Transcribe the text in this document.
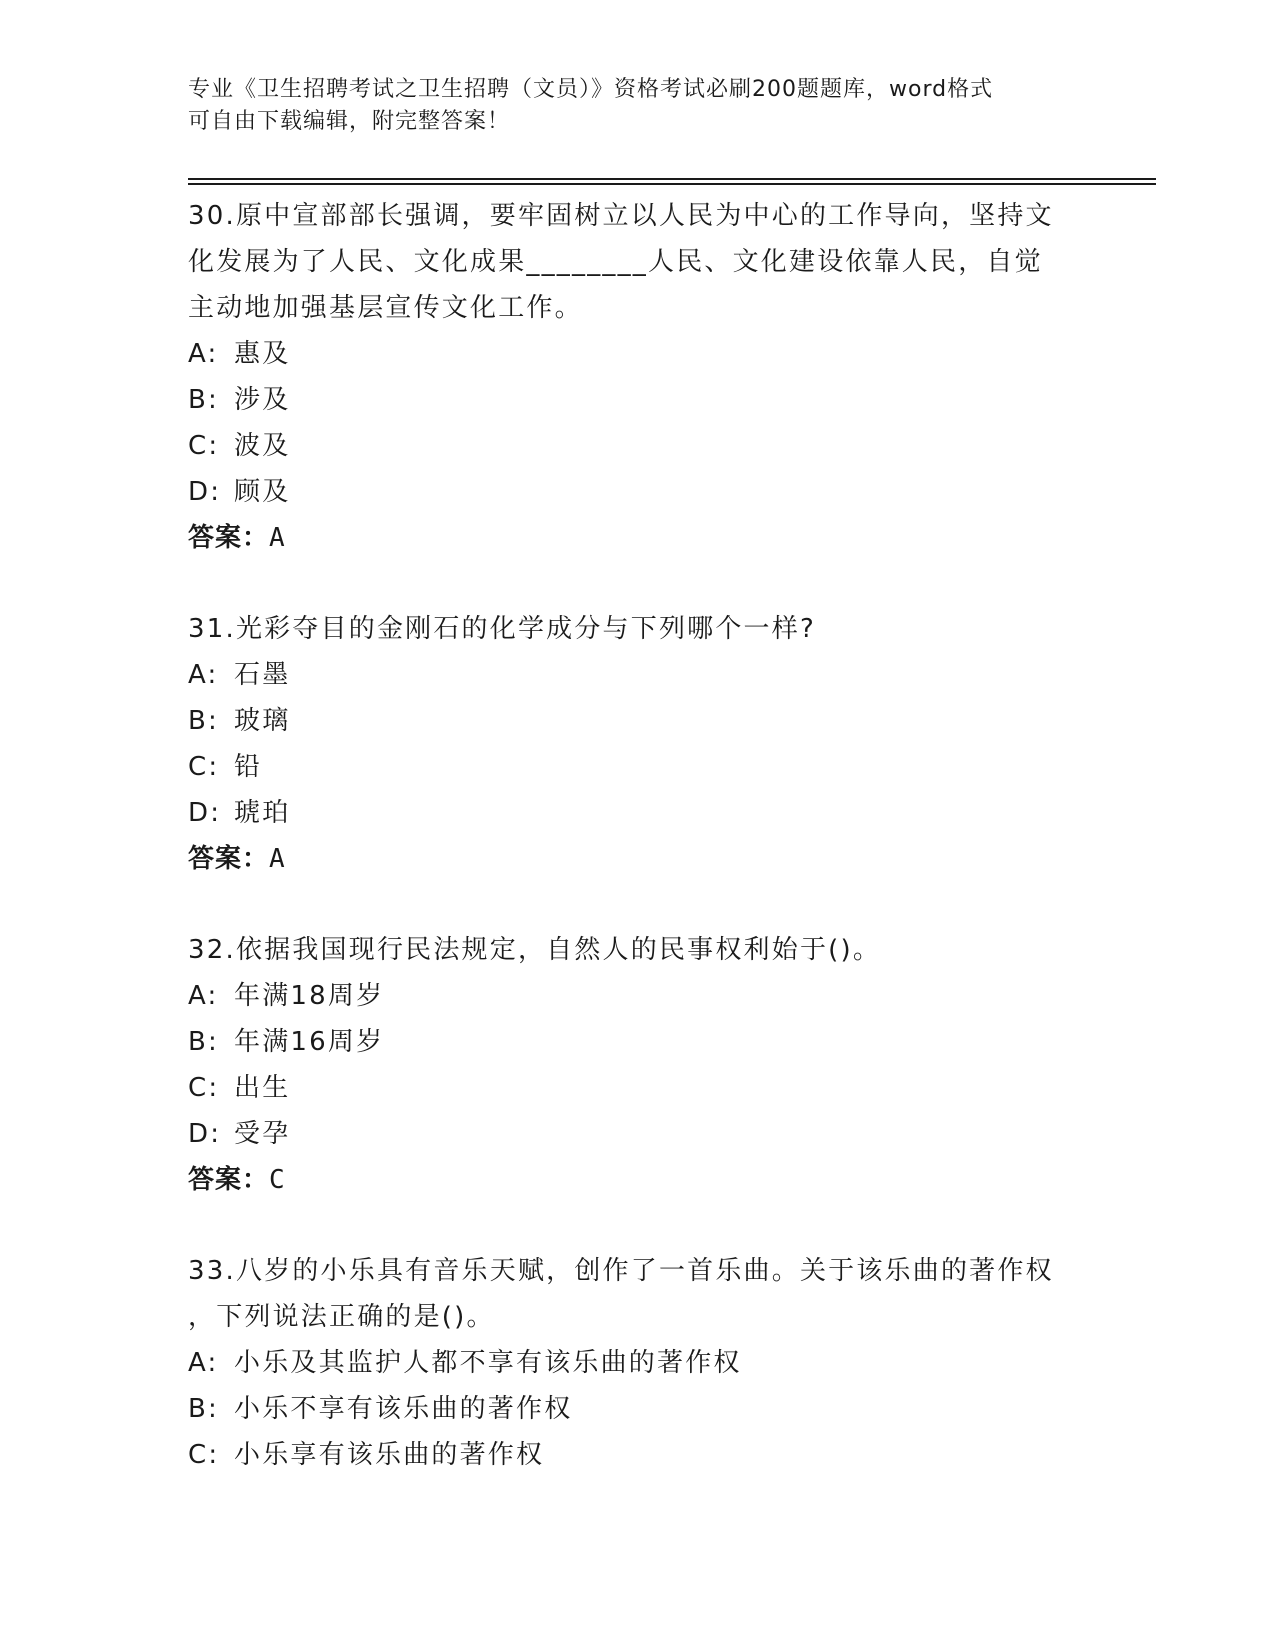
专业《卫生招聘考试之卫生招聘（文员）》资格考试必刷200题题库，word格式
可自由下载编辑，附完整答案！
30.原中宣部部长强调，要牢固树立以人民为中心的工作导向，坚持文
化发展为了人民、文化成果________人民、文化建设依靠人民，自觉
主动地加强基层宣传文化工作。
A: 惠及
B: 涉及
C: 波及
D: 顾及
答案：A
31.光彩夺目的金刚石的化学成分与下列哪个一样?
A: 石墨
B: 玻璃
C: 铅
D: 琥珀
答案：A
32.依据我国现行民法规定，自然人的民事权利始于()。
A: 年满18周岁
B: 年满16周岁
C: 出生
D: 受孕
答案：C
33.八岁的小乐具有音乐天赋，创作了一首乐曲。关于该乐曲的著作权
，下列说法正确的是()。
A: 小乐及其监护人都不享有该乐曲的著作权
B: 小乐不享有该乐曲的著作权
C: 小乐享有该乐曲的著作权
